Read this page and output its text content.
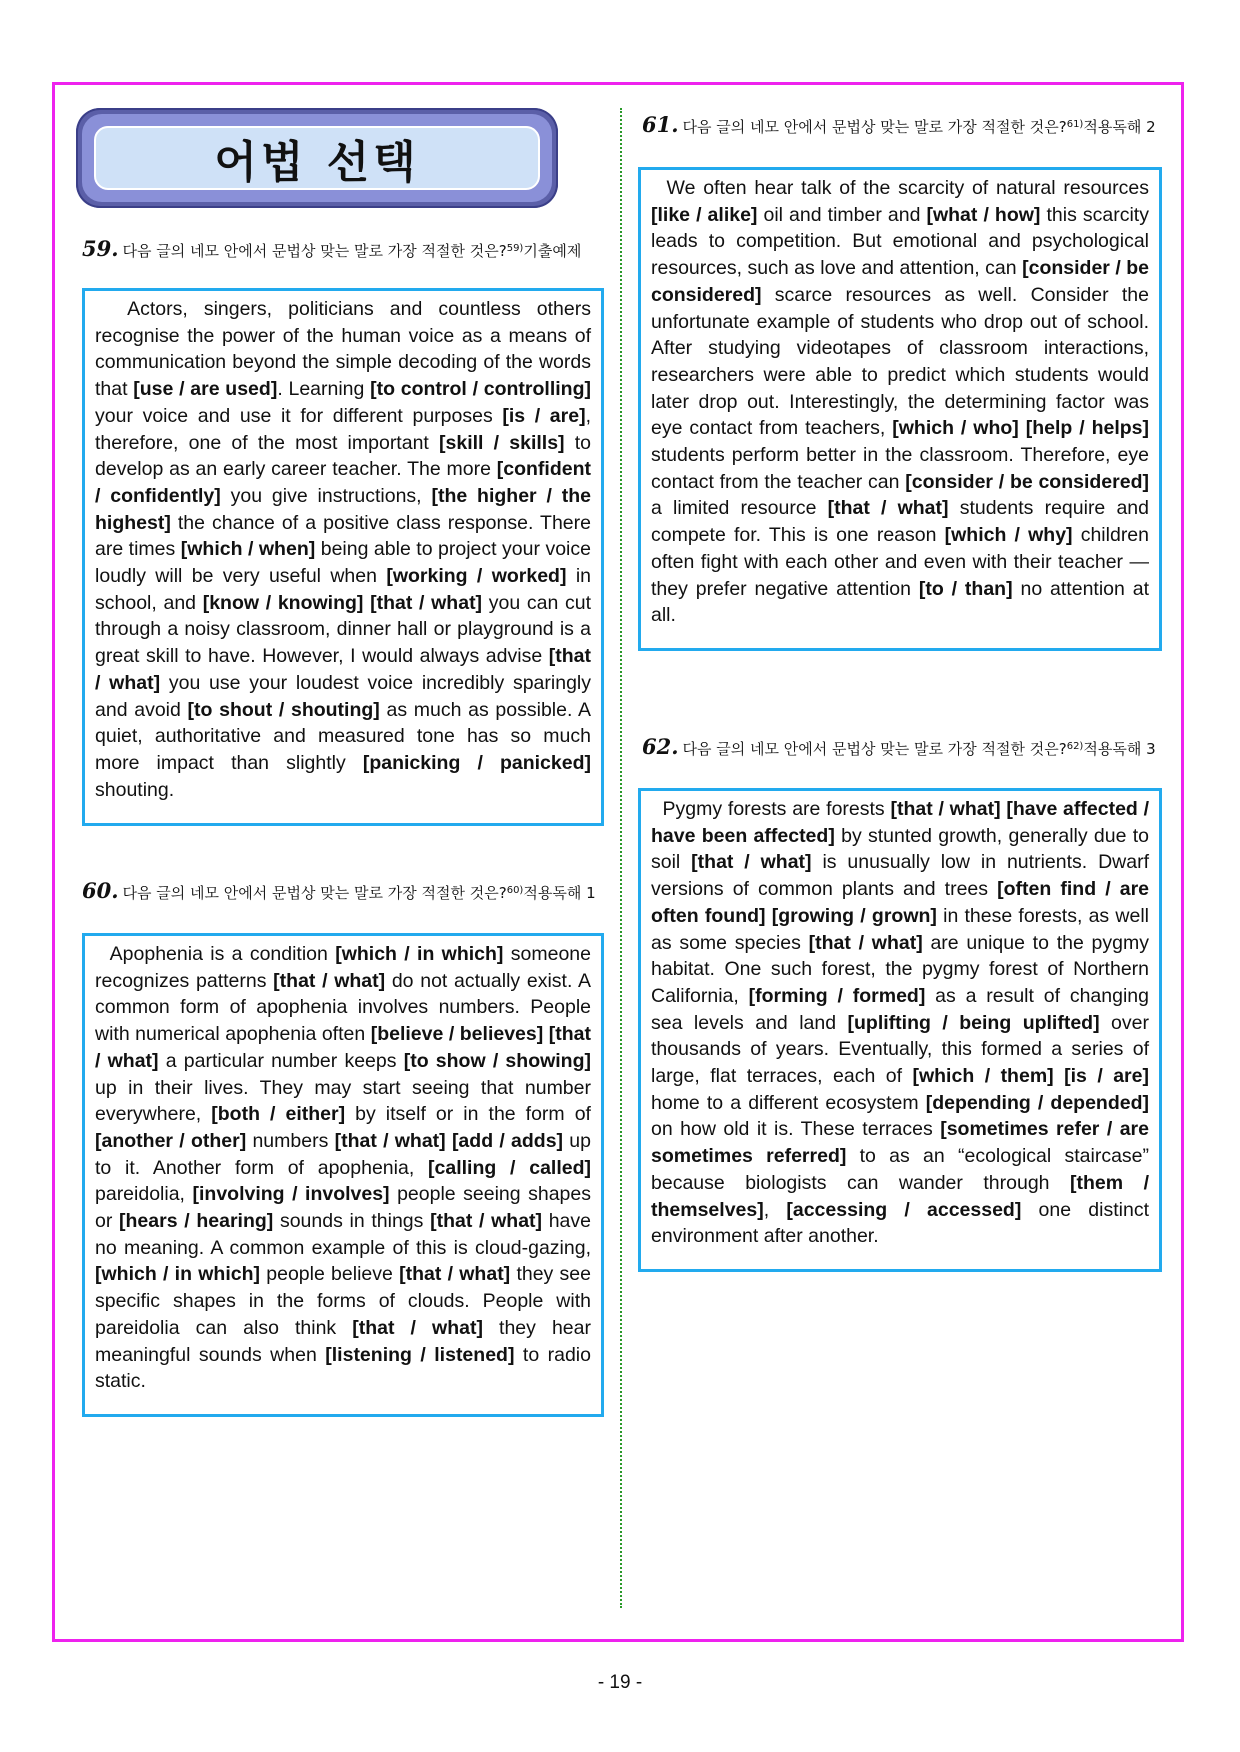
어법 선택
59. 다음 글의 네모 안에서 문법상 맞는 말로 가장 적절한 것은?$^{59)}$기출예제
Actors, singers, politicians and countless others recognise the power of the human voice as a means of communication beyond the simple decoding of the words that [use / are used]. Learning [to control / controlling] your voice and use it for different purposes [is / are], therefore, one of the most important [skill / skills] to develop as an early career teacher. The more [confident / confidently] you give instructions, [the higher / the highest] the chance of a positive class response. There are times [which / when] being able to project your voice loudly will be very useful when [working / worked] in school, and [know / knowing] [that / what] you can cut through a noisy classroom, dinner hall or playground is a great skill to have. However, I would always advise [that / what] you use your loudest voice incredibly sparingly and avoid [to shout / shouting] as much as possible. A quiet, authoritative and measured tone has so much more impact than slightly [panicking / panicked] shouting.
60. 다음 글의 네모 안에서 문법상 맞는 말로 가장 적절한 것은?$^{60)}$적용독해 1
Apophenia is a condition [which / in which] someone recognizes patterns [that / what] do not actually exist. A common form of apophenia involves numbers. People with numerical apophenia often [believe / believes] [that / what] a particular number keeps [to show / showing] up in their lives. They may start seeing that number everywhere, [both / either] by itself or in the form of [another / other] numbers [that / what] [add / adds] up to it. Another form of apophenia, [calling / called] pareidolia, [involving / involves] people seeing shapes or [hears / hearing] sounds in things [that / what] have no meaning. A common example of this is cloud-gazing, [which / in which] people believe [that / what] they see specific shapes in the forms of clouds. People with pareidolia can also think [that / what] they hear meaningful sounds when [listening / listened] to radio static.
61. 다음 글의 네모 안에서 문법상 맞는 말로 가장 적절한 것은?$^{61)}$적용독해 2
We often hear talk of the scarcity of natural resources [like / alike] oil and timber and [what / how] this scarcity leads to competition. But emotional and psychological resources, such as love and attention, can [consider / be considered] scarce resources as well. Consider the unfortunate example of students who drop out of school. After studying videotapes of classroom interactions, researchers were able to predict which students would later drop out. Interestingly, the determining factor was eye contact from teachers, [which / who] [help / helps] students perform better in the classroom. Therefore, eye contact from the teacher can [consider / be considered] a limited resource [that / what] students require and compete for. This is one reason [which / why] children often fight with each other and even with their teacher — they prefer negative attention [to / than] no attention at all.
62. 다음 글의 네모 안에서 문법상 맞는 말로 가장 적절한 것은?$^{62)}$적용독해 3
Pygmy forests are forests [that / what] [have affected / have been affected] by stunted growth, generally due to soil [that / what] is unusually low in nutrients. Dwarf versions of common plants and trees [often find / are often found] [growing / grown] in these forests, as well as some species [that / what] are unique to the pygmy habitat. One such forest, the pygmy forest of Northern California, [forming / formed] as a result of changing sea levels and land [uplifting / being uplifted] over thousands of years. Eventually, this formed a series of large, flat terraces, each of [which / them] [is / are] home to a different ecosystem [depending / depended] on how old it is. These terraces [sometimes refer / are sometimes referred] to as an “ecological staircase” because biologists can wander through [them / themselves], [accessing / accessed] one distinct environment after another.
- 19 -
